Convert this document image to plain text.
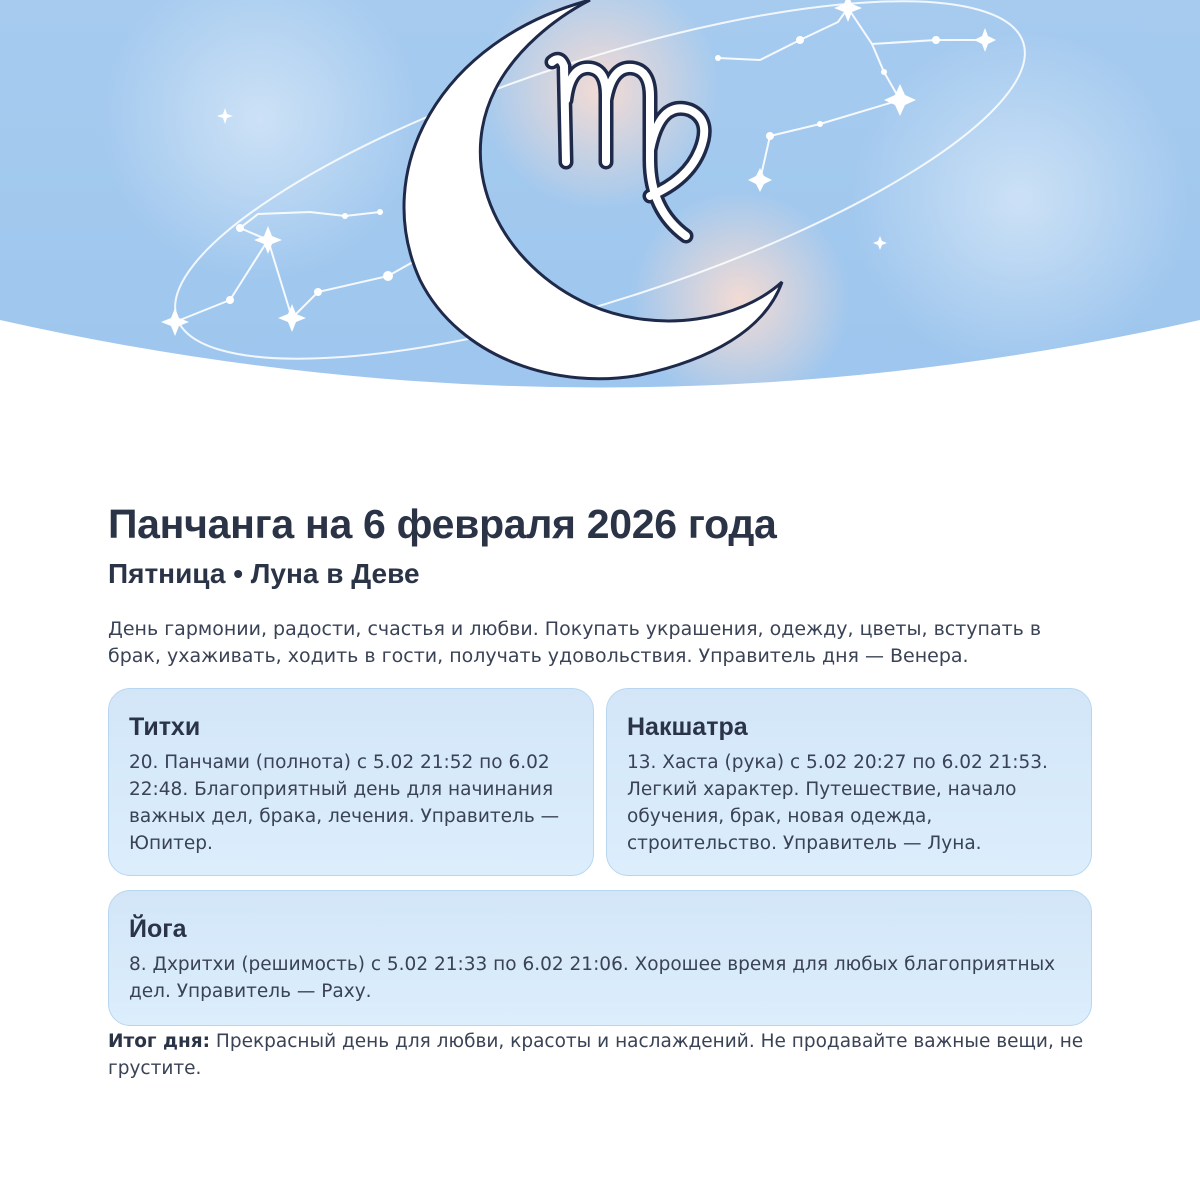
Панчанга на 6 февраля 2026 года
Пятница • Луна в Деве

День гармонии, радости, счастья и любви. Покупать украшения, одежду, цветы, вступать в брак, ухаживать, ходить в гости, получать удовольствия. Управитель дня — Венера.

Титхи

20. Панчами (полнота) с 5.02 21:52 по 6.02 22:48. Благоприятный день для начинания важных дел, брака, лечения. Управитель — Юпитер.

Накшатра

13. Хаста (рука) с 5.02 20:27 по 6.02 21:53. Легкий характер. Путешествие, начало обучения, брак, новая одежда, строительство. Управитель — Луна.

Йога

8. Дхритхи (решимость) с 5.02 21:33 по 6.02 21:06. Хорошее время для любых благоприятных дел. Управитель — Раху.

Итог дня: Прекрасный день для любви, красоты и наслаждений. Не продавайте важные вещи, не грустите.
